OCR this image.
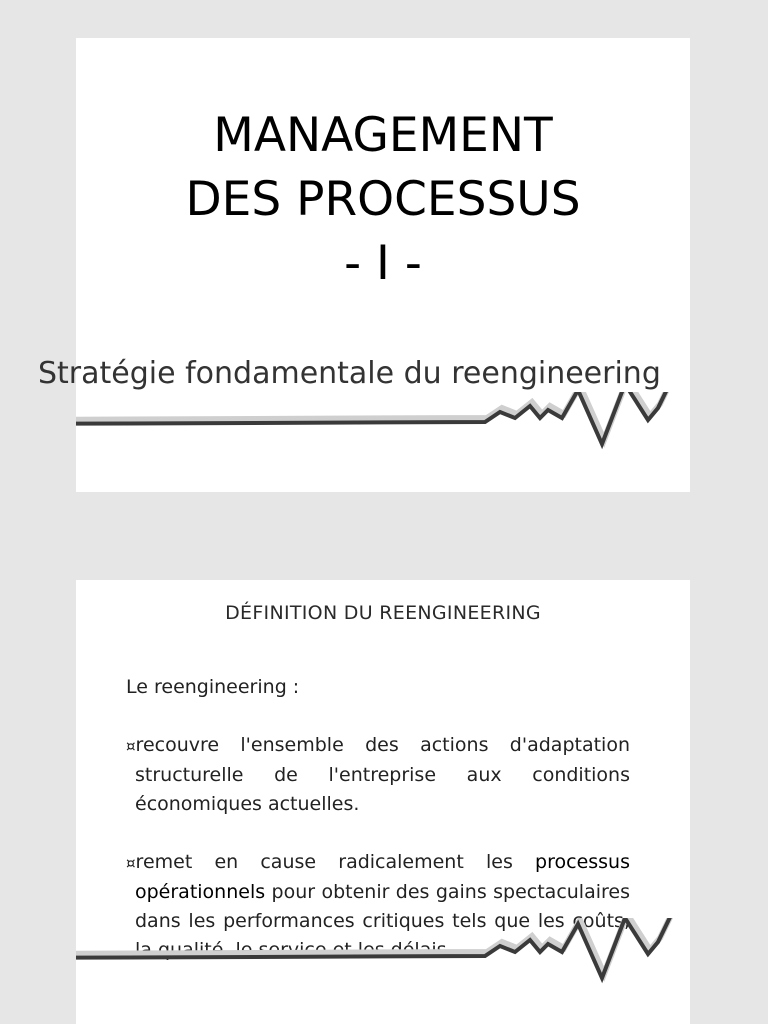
MANAGEMENT
DES PROCESSUS
- I -
Stratégie fondamentale du reengineering
DÉFINITION DU REENGINEERING

Le reengineering :

¤recouvre l'ensemble des actions d'adaptation structurelle de l'entreprise aux conditions économiques actuelles.

¤remet en cause radicalement les processus opérationnels pour obtenir des gains spectaculaires dans les performances critiques tels que les coûts, la qualité, le service et les délais.
